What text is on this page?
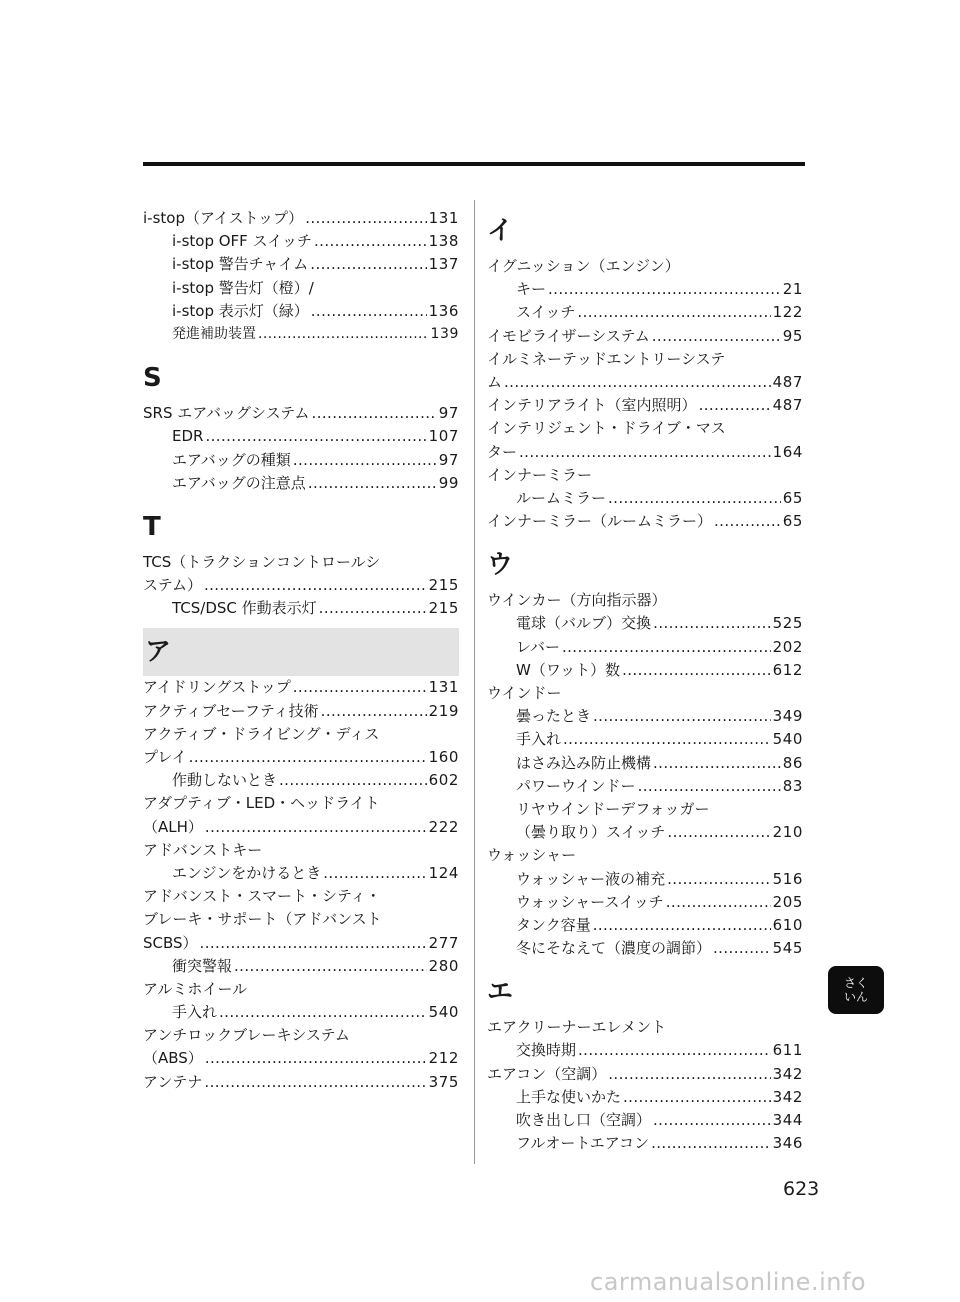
i-stop（アイストップ） .....	131
i-stop OFF スイッチ .....	138
i-stop 警告チャイム .....	137
i-stop 警告灯（橙）/
i-stop 表示灯（緑） .....	136
発進補助装置 .....	139
S
SRS エアバッグシステム .....	97
EDR .....	107
エアバッグの種類 .....	97
エアバッグの注意点 .....	99
T
TCS（トラクションコントロールシ
ステム） .....	215
TCS/DSC 作動表示灯 .....	215
ア
アイドリングストップ .....	131
アクティブセーフティ技術 .....	219
アクティブ・ドライビング・ディス
プレイ .....	160
作動しないとき .....	602
アダプティブ・LED・ヘッドライト
（ALH） .....	222
アドバンストキー
エンジンをかけるとき .....	124
アドバンスト・スマート・シティ・
ブレーキ・サポート（アドバンスト
SCBS） .....	277
衝突警報 .....	280
アルミホイール
手入れ .....	540
アンチロックブレーキシステム
（ABS） .....	212
アンテナ .....	375
イ
イグニッション（エンジン）
キー .....	21
スイッチ .....	122
イモビライザーシステム .....	95
イルミネーテッドエントリーシステ
ム .....	487
インテリアライト（室内照明） .....	487
インテリジェント・ドライブ・マス
ター .....	164
インナーミラー
ルームミラー .....	65
インナーミラー（ルームミラー） .....	65
ウ
ウインカー（方向指示器）
電球（バルブ）交換 .....	525
レバー .....	202
W（ワット）数 .....	612
ウインドー
曇ったとき .....	349
手入れ .....	540
はさみ込み防止機構 .....	86
パワーウインドー .....	83
リヤウインドーデフォッガー
（曇り取り）スイッチ .....	210
ウォッシャー
ウォッシャー液の補充 .....	516
ウォッシャースイッチ .....	205
タンク容量 .....	610
冬にそなえて（濃度の調節） .....	545
エ
エアクリーナーエレメント
交換時期 .....	611
エアコン（空調） .....	342
上手な使いかた .....	342
吹き出し口（空調） .....	344
フルオートエアコン .....	346
さく
いん
623
carmanualsonline.info
